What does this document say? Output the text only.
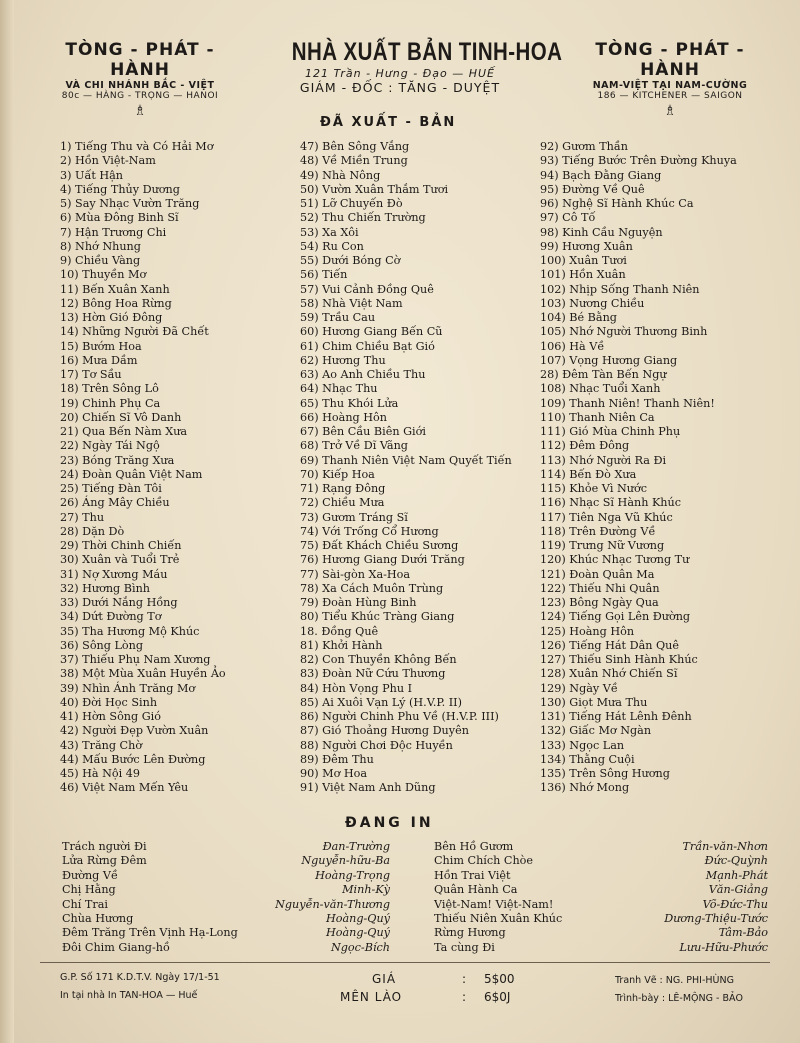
TÒNG - PHÁT - HÀNH
VÀ CHI NHÁNH BẮC - VIỆT
80c — HÀNG - TRỌNG — HANOI
♗
NHÀ XUẤT BẢN TINH-HOA
121 Trần - Hưng - Đạo — HUẾ
GIÁM - ĐỐC : TĂNG - DUYỆT
TÒNG - PHÁT - HÀNH
NAM-VIỆT TẠI NAM-CƯỜNG
186 — KITCHENER — SAIGON
♗
ĐÃ XUẤT - BẢN
1) Tiếng Thu và Có Hải Mơ
2) Hồn Việt-Nam
3) Uất Hận
4) Tiếng Thủy Dương
5) Say Nhạc Vườn Trăng
6) Mùa Đông Binh Sĩ
7) Hận Trương Chi
8) Nhớ Nhung
9) Chiều Vàng
10) Thuyền Mơ
11) Bến Xuân Xanh
12) Bông Hoa Rừng
13) Hờn Gió Đông
14) Những Người Đã Chết
15) Bướm Hoa
16) Mưa Dầm
17) Tơ Sầu
18) Trên Sông Lô
19) Chinh Phụ Ca
20) Chiến Sĩ Vô Danh
21) Qua Bến Nàm Xưa
22) Ngày Tái Ngộ
23) Bóng Trăng Xưa
24) Đoàn Quân Việt Nam
25) Tiếng Đàn Tôi
26) Áng Mây Chiều
27) Thu
28) Dặn Dò
29) Thời Chinh Chiến
30) Xuân và Tuổi Trẻ
31) Nợ Xương Máu
32) Hương Bình
33) Dưới Nắng Hồng
34) Dứt Đường Tơ
35) Tha Hương Mộ Khúc
36) Sông Lòng
37) Thiếu Phụ Nam Xương
38) Một Mùa Xuân Huyền Ảo
39) Nhìn Ánh Trăng Mơ
40) Đời Học Sinh
41) Hờn Sông Gió
42) Người Đẹp Vườn Xuân
43) Trăng Chờ
44) Mấu Bước Lên Đường
45) Hà Nội 49
46) Việt Nam Mến Yêu
47) Bên Sông Vắng
48) Về Miền Trung
49) Nhà Nông
50) Vườn Xuân Thắm Tươi
51) Lỡ Chuyến Đò
52) Thu Chiến Trường
53) Xa Xôi
54) Ru Con
55) Dưới Bóng Cờ
56) Tiến
57) Vui Cảnh Đồng Quê
58) Nhà Việt Nam
59) Trầu Cau
60) Hương Giang Bến Cũ
61) Chim Chiều Bạt Gió
62) Hương Thu
63) Ao Anh Chiều Thu
64) Nhạc Thu
65) Thu Khói Lửa
66) Hoàng Hôn
67) Bên Cầu Biên Giới
68) Trở Về Dĩ Vãng
69) Thanh Niên Việt Nam Quyết Tiến
70) Kiếp Hoa
71) Rạng Đông
72) Chiều Mưa
73) Gươm Tráng Sĩ
74) Với Trống Cổ Hương
75) Đất Khách Chiều Sương
76) Hương Giang Dưới Trăng
77) Sài-gòn Xa-Hoa
78) Xa Cách Muôn Trùng
79) Đoàn Hùng Binh
80) Tiểu Khúc Tràng Giang
18. Đồng Quê
81) Khởi Hành
82) Con Thuyền Không Bến
83) Đoàn Nữ Cứu Thương
84) Hòn Vọng Phu I
85) Ai Xuôi Vạn Lý (H.V.P. II)
86) Người Chinh Phu Về (H.V.P. III)
87) Gió Thoảng Hương Duyên
88) Người Chơi Độc Huyền
89) Đêm Thu
90) Mơ Hoa
91) Việt Nam Anh Dũng
92) Gươm Thần
93) Tiếng Bước Trên Đường Khuya
94) Bạch Đằng Giang
95) Đường Về Quê
96) Nghệ Sĩ Hành Khúc Ca
97) Cô Tố
98) Kinh Cầu Nguyện
99) Hương Xuân
100) Xuân Tươi
101) Hồn Xuân
102) Nhịp Sống Thanh Niên
103) Nương Chiều
104) Bé Bằng
105) Nhớ Người Thương Binh
106) Hà Về
107) Vọng Hương Giang
28) Đêm Tàn Bến Ngự
108) Nhạc Tuổi Xanh
109) Thanh Niên! Thanh Niên!
110) Thanh Niên Ca
111) Gió Mùa Chinh Phụ
112) Đêm Đông
113) Nhớ Người Ra Đi
114) Bến Đò Xưa
115) Khỏe Vì Nước
116) Nhạc Sĩ Hành Khúc
117) Tiên Nga Vũ Khúc
118) Trên Đường Về
119) Trưng Nữ Vương
120) Khúc Nhạc Tương Tư
121) Đoàn Quân Ma
122) Thiếu Nhi Quân
123) Bông Ngày Qua
124) Tiếng Gọi Lên Đường
125) Hoàng Hôn
126) Tiếng Hát Dân Quê
127) Thiếu Sinh Hành Khúc
128) Xuân Nhớ Chiến Sĩ
129) Ngày Về
130) Giọt Mưa Thu
131) Tiếng Hát Lênh Đênh
132) Giấc Mơ Ngàn
133) Ngọc Lan
134) Thằng Cuội
135) Trên Sông Hương
136) Nhớ Mong
ĐANG IN
Trách người Đi
Lửa Rừng Đêm
Đường Về
Chị Hằng
Chí Trai
Chùa Hương
Đêm Trăng Trên Vịnh Hạ-Long
Đôi Chim Giang-hồ
Đan-Trường
Nguyễn-hữu-Ba
Hoàng-Trọng
Minh-Kỳ
Nguyễn-văn-Thương
Hoàng-Quý
Hoàng-Quý
Ngọc-Bích
Bên Hồ Gươm
Chim Chích Chòe
Hồn Trai Việt
Quân Hành Ca
Việt-Nam! Việt-Nam!
Thiếu Niên Xuân Khúc
Rừng Hương
Ta cùng Đi
Trần-văn-Nhơn
Đức-Quỳnh
Mạnh-Phát
Văn-Giảng
Võ-Đức-Thu
Dương-Thiệu-Tước
Tâm-Bảo
Lưu-Hữu-Phước
G.P. Số 171 K.D.T.V. Ngày 17/1-51
In tại nhà In TAN-HOA — Huế
GIÁ	: 5$00
MÊN LÀO	: 6$0J
Tranh Vẽ : NG. PHI-HÙNG
Trình-bày : LÊ-MỘNG - BẢO
